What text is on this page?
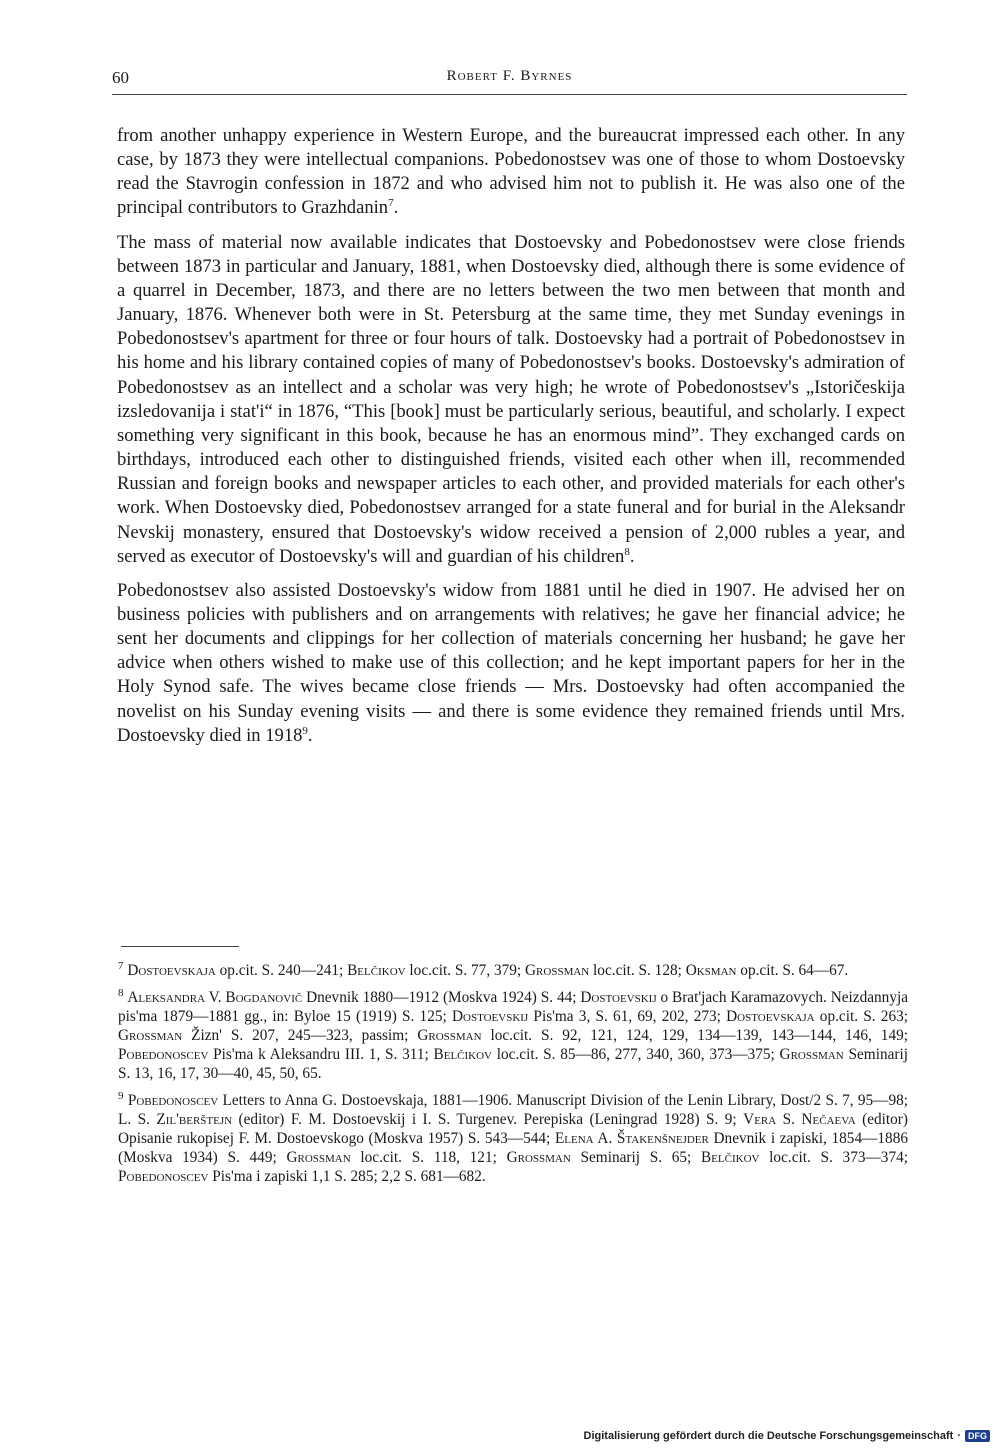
60	Robert F. Byrnes

from another unhappy experience in Western Europe, and the bureaucrat impressed each other. In any case, by 1873 they were intellectual companions. Pobedonostsev was one of those to whom Dostoevsky read the Stavrogin confession in 1872 and who advised him not to publish it. He was also one of the principal contributors to Grazhdanin$^7$.

The mass of material now available indicates that Dostoevsky and Pobedonostsev were close friends between 1873 in particular and January, 1881, when Dostoevsky died, although there is some evidence of a quarrel in December, 1873, and there are no letters between the two men between that month and January, 1876. Whenever both were in St. Petersburg at the same time, they met Sunday evenings in Pobedonostsev's apartment for three or four hours of talk. Dostoevsky had a portrait of Pobedonostsev in his home and his library contained copies of many of Pobedonostsev's books. Dostoevsky's admiration of Pobedonostsev as an intellect and a scholar was very high; he wrote of Pobedonostsev's „Istoričeskija izsledovanija i stat'i“ in 1876, “This [book] must be particularly serious, beautiful, and scholarly. I expect something very significant in this book, because he has an enormous mind”. They exchanged cards on birthdays, introduced each other to distinguished friends, visited each other when ill, recommended Russian and foreign books and newspaper articles to each other, and provided materials for each other's work. When Dostoevsky died, Pobedonostsev arranged for a state funeral and for burial in the Aleksandr Nevskij monastery, ensured that Dostoevsky's widow received a pension of 2,000 rubles a year, and served as executor of Dostoevsky's will and guardian of his children$^8$.

Pobedonostsev also assisted Dostoevsky's widow from 1881 until he died in 1907. He advised her on business policies with publishers and on arrangements with relatives; he gave her financial advice; he sent her documents and clippings for her collection of materials concerning her husband; he gave her advice when others wished to make use of this collection; and he kept important papers for her in the Holy Synod safe. The wives became close friends — Mrs. Dostoevsky had often accompanied the novelist on his Sunday evening visits — and there is some evidence they remained friends until Mrs. Dostoevsky died in 1918$^9$.

$^7$ Dostoevskaja op.cit. S. 240—241; Belčikov loc.cit. S. 77, 379; Grossman loc.cit. S. 128; Oksman op.cit. S. 64—67.

$^8$ Aleksandra V. Bogdanovič Dnevnik 1880—1912 (Moskva 1924) S. 44; Dostoevskij o Brat'jach Karamazovych. Neizdannyja pis'ma 1879—1881 gg., in: Byloe 15 (1919) S. 125; Dostoevskij Pis'ma 3, S. 61, 69, 202, 273; Dostoevskaja op.cit. S. 263; Grossman Žizn' S. 207, 245—323, passim; Grossman loc.cit. S. 92, 121, 124, 129, 134—139, 143—144, 146, 149; Pobedonoscev Pis'ma k Aleksandru III. 1, S. 311; Belčikov loc.cit. S. 85—86, 277, 340, 360, 373—375; Grossman Seminarij S. 13, 16, 17, 30—40, 45, 50, 65.

$^9$ Pobedonoscev Letters to Anna G. Dostoevskaja, 1881—1906. Manuscript Division of the Lenin Library, Dost/2 S. 7, 95—98; L. S. Zil'berštejn (editor) F. M. Dostoevskij i I. S. Turgenev. Perepiska (Leningrad 1928) S. 9; Vera S. Nečaeva (editor) Opisanie rukopisej F. M. Dostoevskogo (Moskva 1957) S. 543—544; Elena A. Štakenšnejder Dnevnik i zapiski, 1854—1886 (Moskva 1934) S. 449; Grossman loc.cit. S. 118, 121; Grossman Seminarij S. 65; Belčikov loc.cit. S. 373—374; Pobedonoscev Pis'ma i zapiski 1,1 S. 285; 2,2 S. 681—682.

Digitalisierung gefördert durch die Deutsche Forschungsgemeinschaft · DFG
